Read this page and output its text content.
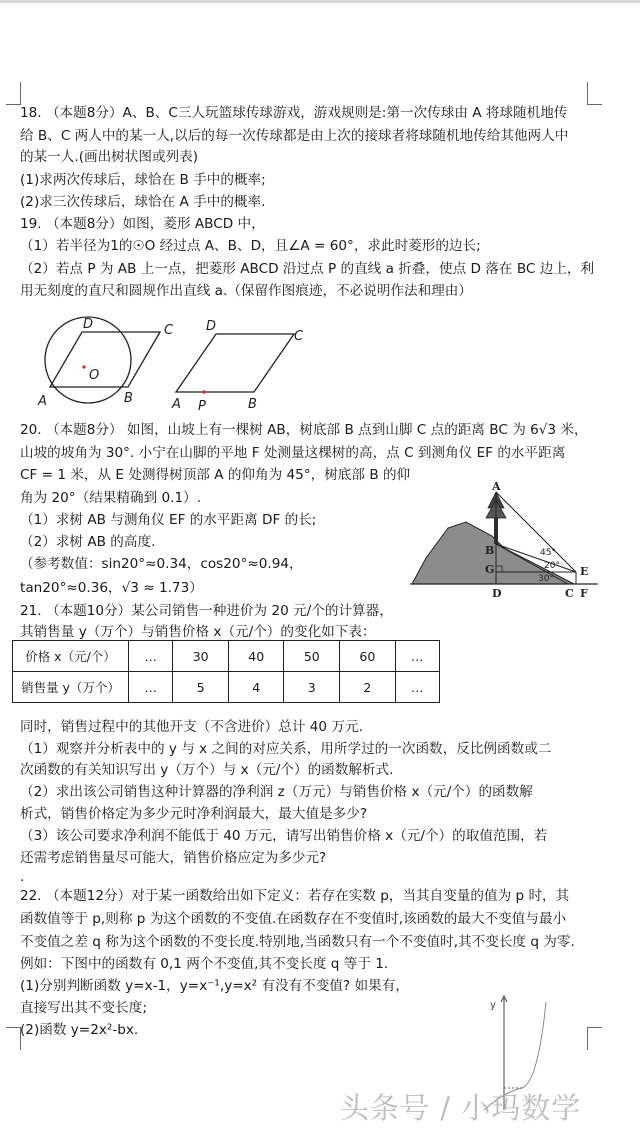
18. （本题8分）A、B、C三人玩篮球传球游戏，游戏规则是:第一次传球由 A 将球随机地传
给 B、C 两人中的某一人,以后的每一次传球都是由上次的接球者将球随机地传给其他两人中
的某一人.(画出树状图或列表)
(1)求两次传球后，球恰在 B 手中的概率;
(2)求三次传球后，球恰在 A 手中的概率.
19. （本题8分）如图，菱形 ABCD 中，
（1）若半径为1的☉O 经过点 A、B、D，且∠A = 60°，求此时菱形的边长;
（2）若点 P 为 AB 上一点，把菱形 ABCD 沿过点 P 的直线 a 折叠，使点 D 落在 BC 边上，利
用无刻度的直尺和圆规作出直线 a.（保留作图痕迹，不必说明作法和理由）
D	C
O
A	B
D
C
A P	B
20. （本题8分） 如图，山坡上有一棵树 AB，树底部 B 点到山脚 C 点的距离 BC 为 6√3 米，
山坡的坡角为 30°. 小宁在山脚的平地 F 处测量这棵树的高，点 C 到测角仪 EF 的水平距离
CF = 1 米，从 E 处测得树顶部 A 的仰角为 45°，树底部 B 的仰
角为 20°（结果精确到 0.1）.
（1）求树 AB 与测角仪 EF 的水平距离 DF 的长;
（2）求树 AB 的高度.
（参考数值：sin20°≈0.34，cos20°≈0.94，
tan20°≈0.36，√3 ≈ 1.73）
A
B
G
D	C F
E
45°
20°
30°
21. （本题10分）某公司销售一种进价为 20 元/个的计算器，
其销售量 y（万个）与销售价格 x（元/个）的变化如下表：
价格 x（元/个）	…	30	40	50	60	…
销售量 y（万个）	…	5	4	3	2	…
同时，销售过程中的其他开支（不含进价）总计 40 万元.
（1）观察并分析表中的 y 与 x 之间的对应关系，用所学过的一次函数，反比例函数或二
次函数的有关知识写出 y（万个）与 x（元/个）的函数解析式.
（2）求出该公司销售这种计算器的净利润 z（万元）与销售价格 x（元/个）的函数解
析式，销售价格定为多少元时净利润最大，最大值是多少?
（3）该公司要求净利润不能低于 40 万元，请写出销售价格 x（元/个）的取值范围，若
还需考虑销售量尽可能大，销售价格应定为多少元?
.
22. （本题12分）对于某一函数给出如下定义：若存在实数 p，当其自变量的值为 p 时，其
函数值等于 p,则称 p 为这个函数的不变值.在函数存在不变值时,该函数的最大不变值与最小
不变值之差 q 称为这个函数的不变长度.特别地,当函数只有一个不变值时,其不变长度 q 为零.
例如：下图中的函数有 0,1 两个不变值,其不变长度 q 等于 1.
(1)分别判断函数 y=x-1，y=x⁻¹,y=x² 有没有不变值? 如果有，
直接写出其不变长度;
(2)函数 y=2x²-bx.
y
头条号 / 小玛数学
